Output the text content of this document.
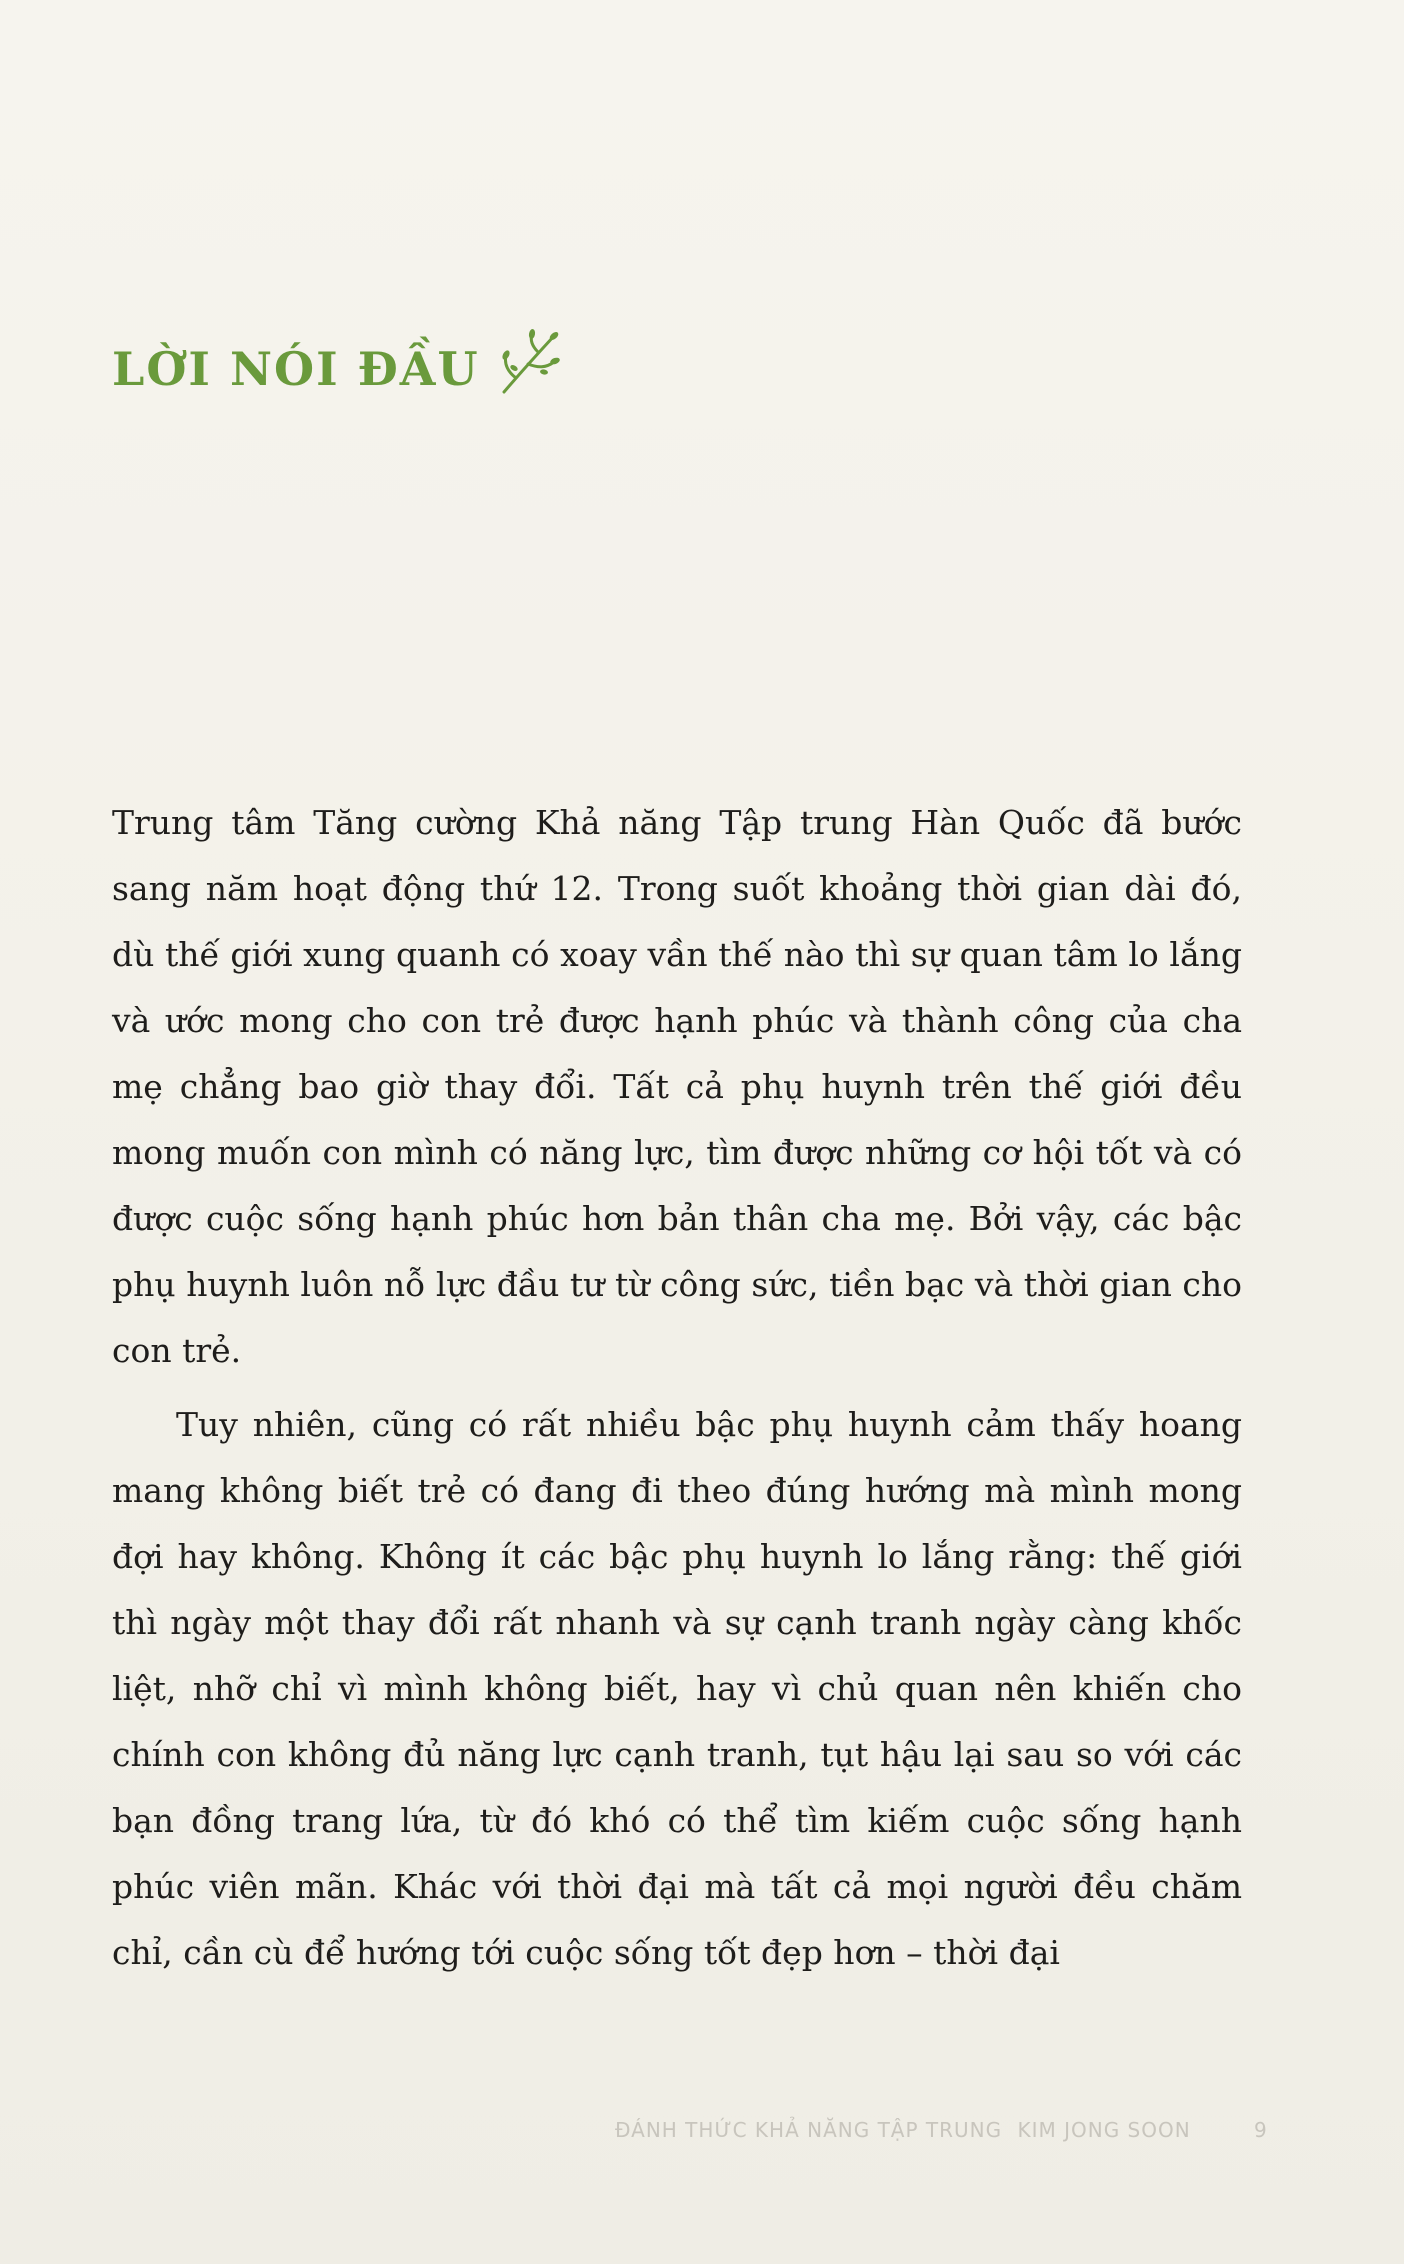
LỜI NÓI ĐẦU

Trung tâm Tăng cường Khả năng Tập trung Hàn Quốc đã bước sang năm hoạt động thứ 12. Trong suốt khoảng thời gian dài đó, dù thế giới xung quanh có xoay vần thế nào thì sự quan tâm lo lắng và ước mong cho con trẻ được hạnh phúc và thành công của cha mẹ chẳng bao giờ thay đổi. Tất cả phụ huynh trên thế giới đều mong muốn con mình có năng lực, tìm được những cơ hội tốt và có được cuộc sống hạnh phúc hơn bản thân cha mẹ. Bởi vậy, các bậc phụ huynh luôn nỗ lực đầu tư từ công sức, tiền bạc và thời gian cho con trẻ.

Tuy nhiên, cũng có rất nhiều bậc phụ huynh cảm thấy hoang mang không biết trẻ có đang đi theo đúng hướng mà mình mong đợi hay không. Không ít các bậc phụ huynh lo lắng rằng: thế giới thì ngày một thay đổi rất nhanh và sự cạnh tranh ngày càng khốc liệt, nhỡ chỉ vì mình không biết, hay vì chủ quan nên khiến cho chính con không đủ năng lực cạnh tranh, tụt hậu lại sau so với các bạn đồng trang lứa, từ đó khó có thể tìm kiếm cuộc sống hạnh phúc viên mãn. Khác với thời đại mà tất cả mọi người đều chăm chỉ, cần cù để hướng tới cuộc sống tốt đẹp hơn – thời đại

ĐÁNH THỨC KHẢ NĂNG TẬP TRUNG KIM JONG SOON	9
